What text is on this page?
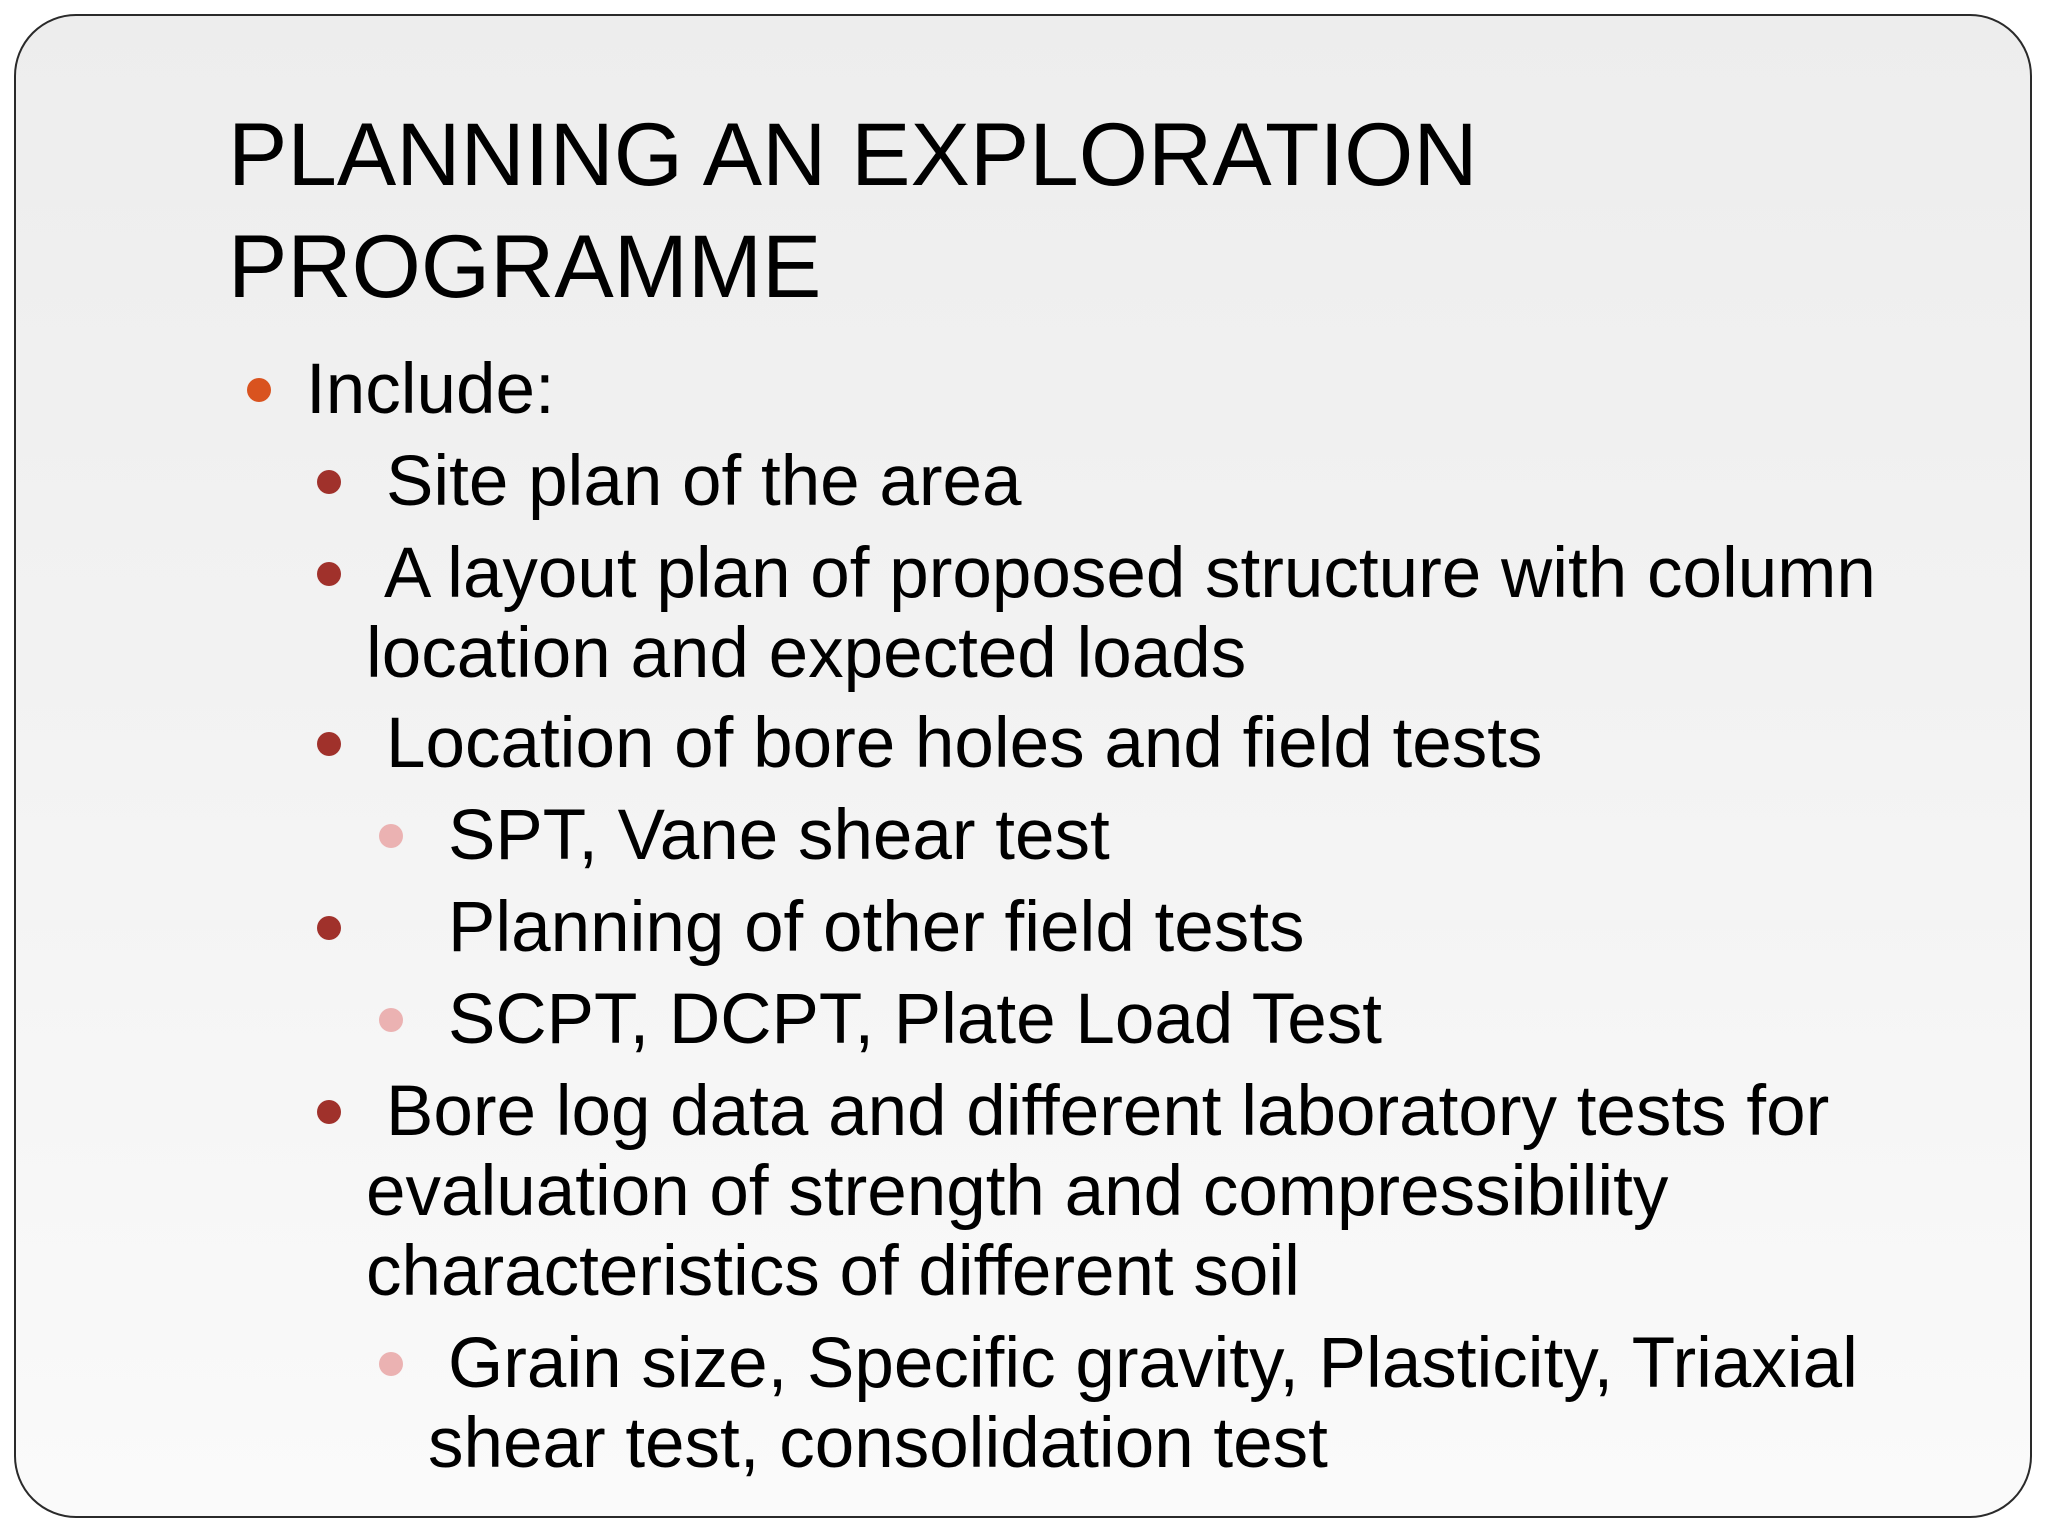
PLANNING AN EXPLORATION PROGRAMME
Include:
Site plan of the area
A layout plan of proposed structure with column location and expected loads
Location of bore holes and field tests
SPT, Vane shear test
Planning of other field tests
SCPT, DCPT, Plate Load Test
Bore log data and different laboratory tests for evaluation of strength and compressibility characteristics of different soil
Grain size, Specific gravity, Plasticity, Triaxial shear test, consolidation test
